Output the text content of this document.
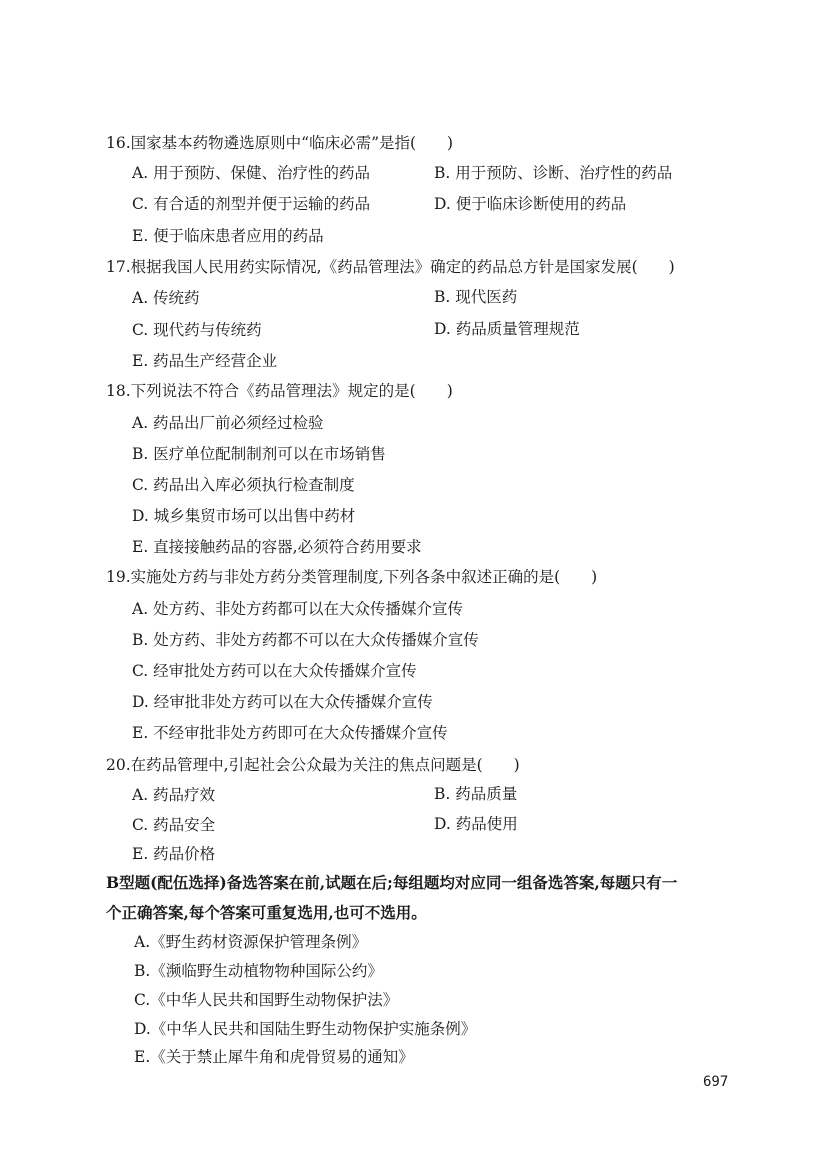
16.国家基本药物遴选原则中“临床必需”是指(　　)
A. 用于预防、保健、治疗性的药品	B. 用于预防、诊断、治疗性的药品
C. 有合适的剂型并便于运输的药品	D. 便于临床诊断使用的药品
E. 便于临床患者应用的药品
17.根据我国人民用药实际情况,《药品管理法》确定的药品总方针是国家发展(　　)
A. 传统药	B. 现代医药
C. 现代药与传统药	D. 药品质量管理规范
E. 药品生产经营企业
18.下列说法不符合《药品管理法》规定的是(　　)
A. 药品出厂前必须经过检验
B. 医疗单位配制制剂可以在市场销售
C. 药品出入库必须执行检查制度
D. 城乡集贸市场可以出售中药材
E. 直接接触药品的容器,必须符合药用要求
19.实施处方药与非处方药分类管理制度,下列各条中叙述正确的是(　　)
A. 处方药、非处方药都可以在大众传播媒介宣传
B. 处方药、非处方药都不可以在大众传播媒介宣传
C. 经审批处方药可以在大众传播媒介宣传
D. 经审批非处方药可以在大众传播媒介宣传
E. 不经审批非处方药即可在大众传播媒介宣传
20.在药品管理中,引起社会公众最为关注的焦点问题是(　　)
A. 药品疗效	B. 药品质量
C. 药品安全	D. 药品使用
E. 药品价格
B型题(配伍选择)备选答案在前,试题在后;每组题均对应同一组备选答案,每题只有一
个正确答案,每个答案可重复选用,也可不选用。
A.《野生药材资源保护管理条例》
B.《濒临野生动植物物种国际公约》
C.《中华人民共和国野生动物保护法》
D.《中华人民共和国陆生野生动物保护实施条例》
E.《关于禁止犀牛角和虎骨贸易的通知》
697
